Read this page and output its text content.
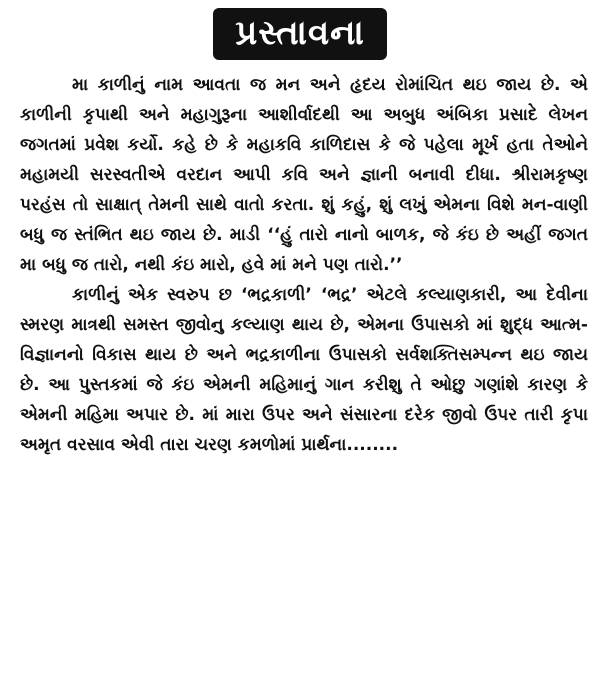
પ્રસ્તાવના

મા કાળીનું નામ આવતા જ મન અને હૃદય રોમાંચિત થઇ જાય છે. એ કાળીની કૃપાથી અને મહાગુરૂના આશીર્વાદથી આ અબુધ અંબિકા પ્રસાદે લેખન જગતમાં પ્રવેશ કર્યો. કહે છે કે મહાકવિ કાળિદાસ કે જે પહેલા મૂર્ખ હતા તેઓને મહામયી સરસ્વતીએ વરદાન આપી કવિ અને જ્ઞાની બનાવી દીધા. શ્રીરામકૃષ્ણ પરહંસ તો સાક્ષાત્ તેમની સાથે વાતો કરતા. શું કહું, શું લખું એમના વિશે મન-વાણી બધુ જ સ્તંભિત થઇ જાય છે. માડી ‘‘હું તારો નાનો બાળક, જે કંઇ છે અહીં જગત મા બધુ જ તારો, નથી કંઇ મારો, હવે માં મને પણ તારો.’’

કાળીનું એક સ્વરુપ છ ‘ભદ્રકાળી’ ‘ભદ્ર’ એટલે કલ્યાણકારી, આ દેવીના સ્મરણ માત્રથી સમસ્ત જીવોનુ કલ્યાણ થાય છે, એમના ઉપાસકો માં શુદ્ધ આત્મ-વિજ્ઞાનનો વિકાસ થાય છે અને ભદ્રકાળીના ઉપાસકો સર્વશક્તિસમ્પન્ન થઇ જાય છે. આ પુસ્તકમાં જે કંઇ એમની મહિમાનું ગાન કરીશુ તે ઓછુ ગણાંશે કારણ કે એમની મહિમા અપાર છે. માં મારા ઉપર અને સંસારના દરેક જીવો ઉપર તારી કૃપા અમૃત વરસાવ એવી તારા ચરણ કમળોમાં પ્રાર્થના........
